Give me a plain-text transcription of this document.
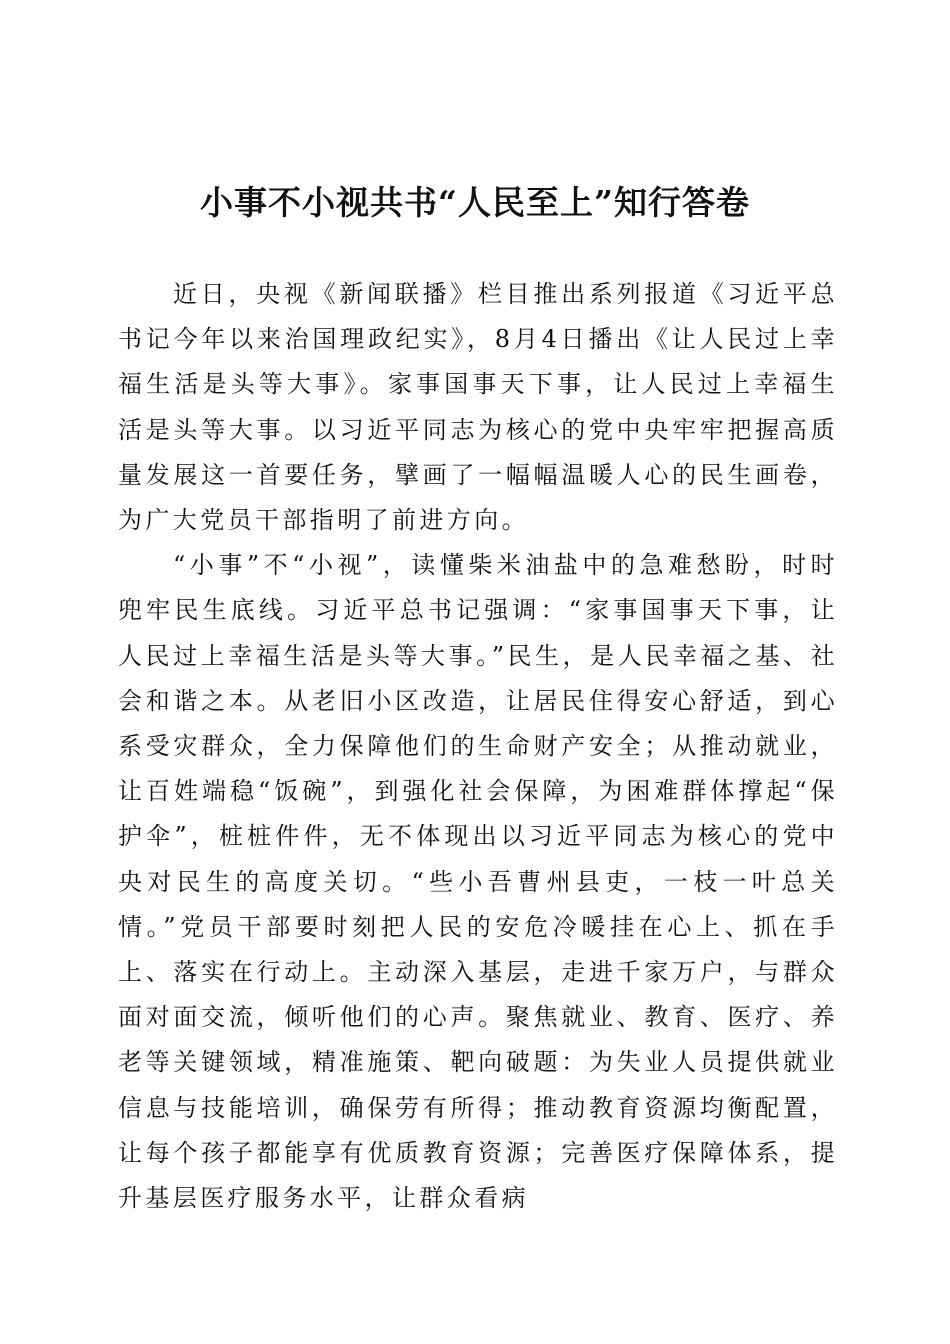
小事不小视共书“人民至上”知行答卷

近日，央视《新闻联播》栏目推出系列报道《习近平总书记今年以来治国理政纪实》，8月4日播出《让人民过上幸福生活是头等大事》。家事国事天下事，让人民过上幸福生活是头等大事。以习近平同志为核心的党中央牢牢把握高质量发展这一首要任务，擘画了一幅幅温暖人心的民生画卷，为广大党员干部指明了前进方向。

“小事”不“小视”，读懂柴米油盐中的急难愁盼，时时兜牢民生底线。习近平总书记强调：“家事国事天下事，让人民过上幸福生活是头等大事。”民生，是人民幸福之基、社会和谐之本。从老旧小区改造，让居民住得安心舒适，到心系受灾群众，全力保障他们的生命财产安全；从推动就业，让百姓端稳“饭碗”，到强化社会保障，为困难群体撑起“保护伞”，桩桩件件，无不体现出以习近平同志为核心的党中央对民生的高度关切。“些小吾曹州县吏，一枝一叶总关情。”党员干部要时刻把人民的安危冷暖挂在心上、抓在手上、落实在行动上。主动深入基层，走进千家万户，与群众面对面交流，倾听他们的心声。聚焦就业、教育、医疗、养老等关键领域，精准施策、靶向破题：为失业人员提供就业信息与技能培训，确保劳有所得；推动教育资源均衡配置，让每个孩子都能享有优质教育资源；完善医疗保障体系，提升基层医疗服务水平，让群众看病
